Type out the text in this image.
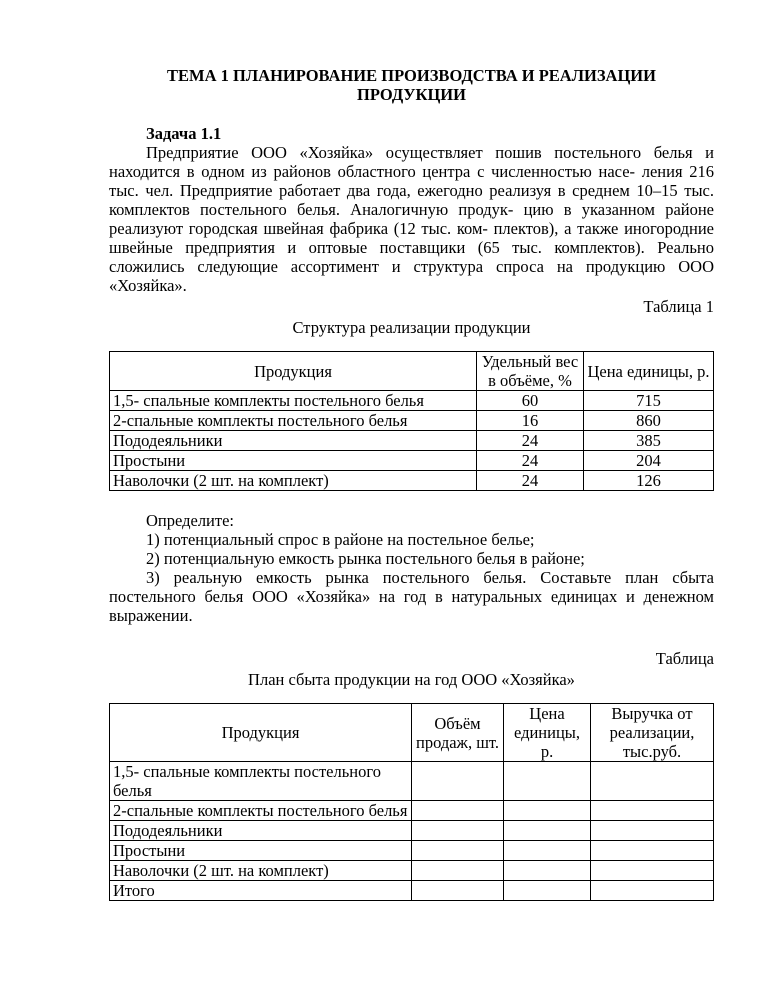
ТЕМА 1 ПЛАНИРОВАНИЕ ПРОИЗВОДСТВА И РЕАЛИЗАЦИИ
ПРОДУКЦИИ

Задача 1.1

Предприятие ООО «Хозяйка» осуществляет пошив постельного белья и находится в одном из районов областного центра с численностью насе- ления 216 тыс. чел. Предприятие работает два года, ежегодно реализуя в среднем 10–15 тыс. комплектов постельного белья. Аналогичную продук- цию в указанном районе реализуют городская швейная фабрика (12 тыс. ком- плектов), а также иногородние швейные предприятия и оптовые поставщики (65 тыс. комплектов). Реально сложились следующие ассортимент и структура спроса на продукцию ООО «Хозяйка».

Таблица 1

Структура реализации продукции

Продукция	Удельный вес в объёме, %	Цена единицы, р.
1,5- спальные комплекты постельного белья	60	715
2-спальные комплекты постельного белья	16	860
Пододеяльники	24	385
Простыни	24	204
Наволочки (2 шт. на комплект)	24	126

Определите:

1) потенциальный спрос в районе на постельное белье;

2) потенциальную емкость рынка постельного белья в районе;

3) реальную емкость рынка постельного белья. Составьте план сбыта постельного белья ООО «Хозяйка» на год в натуральных единицах и денежном выражении.

Таблица

План сбыта продукции на год ООО «Хозяйка»

Продукция	Объём продаж, шт.	Цена единицы, р.	Выручка от реализации, тыс.руб.
1,5- спальные комплекты постельного белья			
2-спальные комплекты постельного белья			
Пододеяльники			
Простыни			
Наволочки (2 шт. на комплект)			
Итого			
